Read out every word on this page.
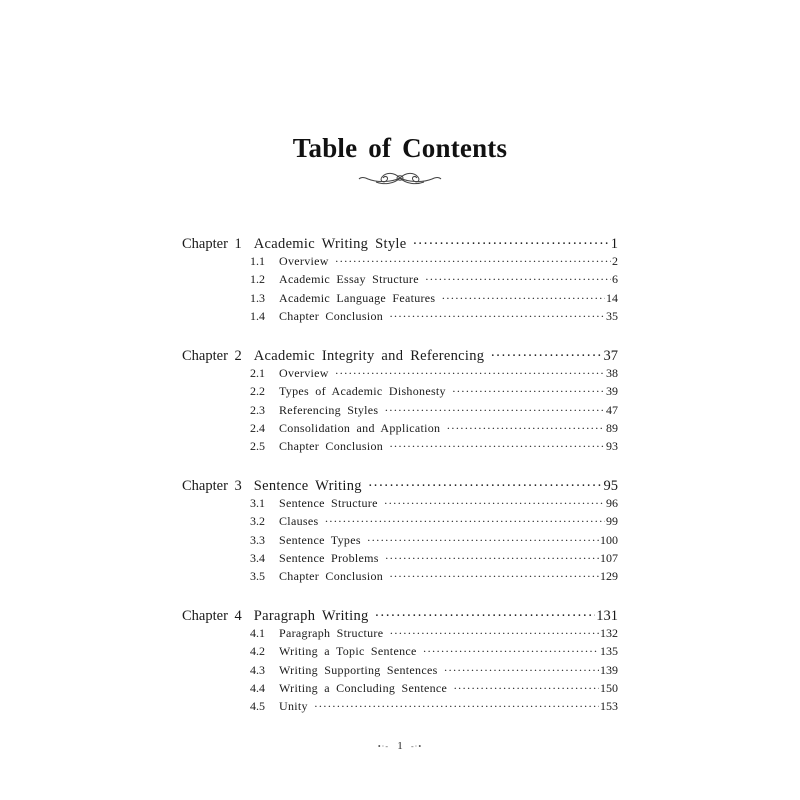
Table of Contents
Chapter 1 Academic Writing Style ·····	1
1.1	Overview ·····	2
1.2	Academic Essay Structure ·····	6
1.3	Academic Language Features ·····	14
1.4	Chapter Conclusion ·····	35
Chapter 2 Academic Integrity and Referencing ·····	37
2.1	Overview ·····	38
2.2	Types of Academic Dishonesty ·····	39
2.3	Referencing Styles ·····	47
2.4	Consolidation and Application ·····	89
2.5	Chapter Conclusion ·····	93
Chapter 3 Sentence Writing ·····	95
3.1	Sentence Structure ·····	96
3.2	Clauses ·····	99
3.3	Sentence Types ·····	100
3.4	Sentence Problems ·····	107
3.5	Chapter Conclusion ·····	129
Chapter 4 Paragraph Writing ·····	131
4.1	Paragraph Structure ·····	132
4.2	Writing a Topic Sentence ·····	135
4.3	Writing Supporting Sentences ·····	139
4.4	Writing a Concluding Sentence ·····	150
4.5	Unity ·····	153
•·- 1 -·•
